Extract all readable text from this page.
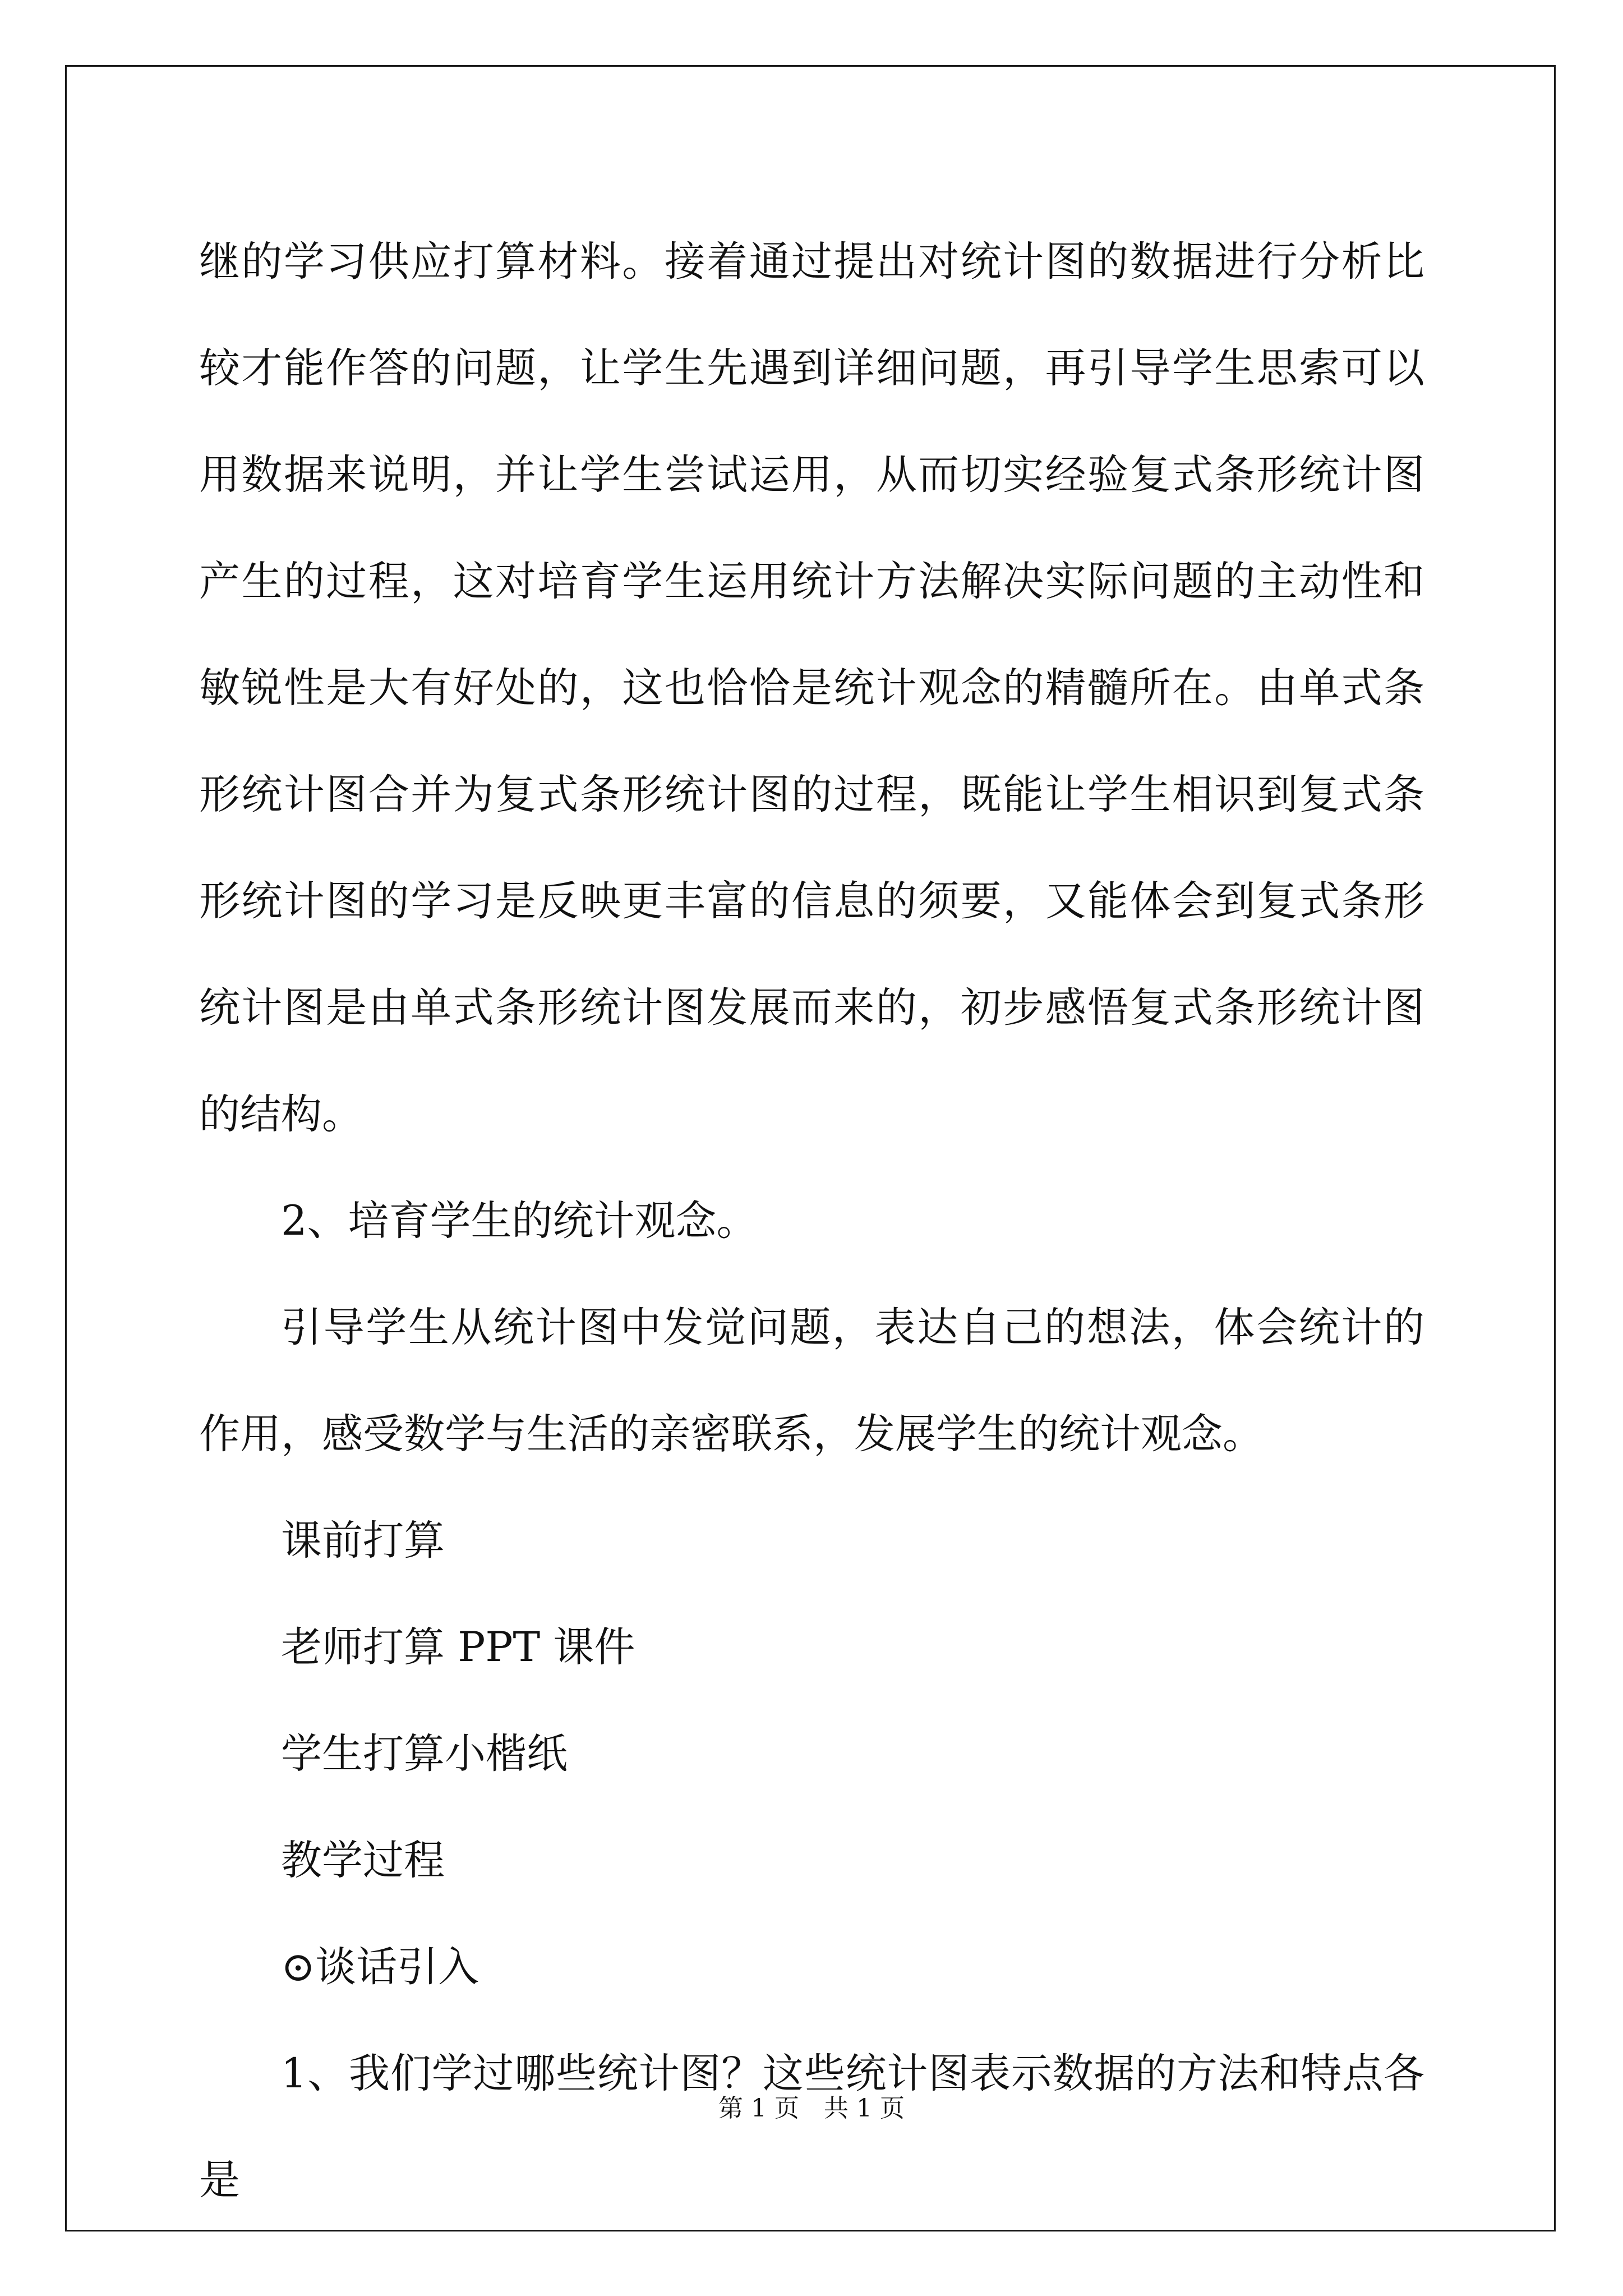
继的学习供应打算材料。接着通过提出对统计图的数据进行分析比较才能作答的问题，让学生先遇到详细问题，再引导学生思索可以用数据来说明，并让学生尝试运用，从而切实经验复式条形统计图产生的过程，这对培育学生运用统计方法解决实际问题的主动性和敏锐性是大有好处的，这也恰恰是统计观念的精髓所在。由单式条形统计图合并为复式条形统计图的过程，既能让学生相识到复式条形统计图的学习是反映更丰富的信息的须要，又能体会到复式条形统计图是由单式条形统计图发展而来的，初步感悟复式条形统计图的结构。

2、培育学生的统计观念。

引导学生从统计图中发觉问题，表达自己的想法，体会统计的作用，感受数学与生活的亲密联系，发展学生的统计观念。

课前打算

老师打算 PPT 课件

学生打算小楷纸

教学过程

⊙谈话引入

1、我们学过哪些统计图？这些统计图表示数据的方法和特点各是

第 1 页 共 1 页
